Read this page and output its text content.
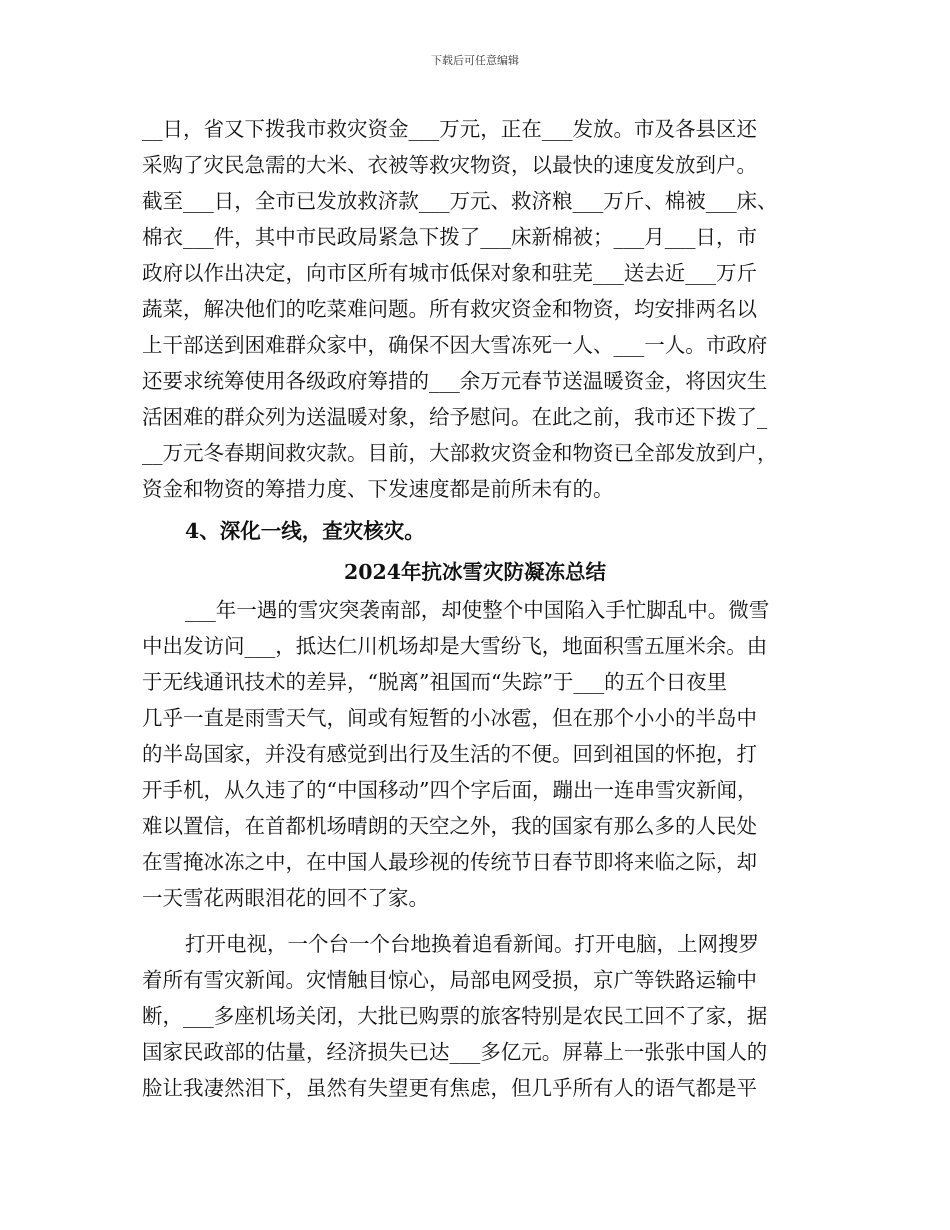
下载后可任意编辑
__日，省又下拨我市救灾资金___万元，正在___发放。市及各县区还
采购了灾民急需的大米、衣被等救灾物资，以最快的速度发放到户。
截至___日，全市已发放救济款___万元、救济粮___万斤、棉被___床、
棉衣___件，其中市民政局紧急下拨了___床新棉被；___月___日，市
政府以作出决定，向市区所有城市低保对象和驻芜___送去近___万斤
蔬菜，解决他们的吃菜难问题。所有救灾资金和物资，均安排两名以
上干部送到困难群众家中，确保不因大雪冻死一人、___一人。市政府
还要求统筹使用各级政府筹措的___余万元春节送温暖资金，将因灾生
活困难的群众列为送温暖对象，给予慰问。在此之前，我市还下拨了_
__万元冬春期间救灾款。目前，大部救灾资金和物资已全部发放到户，
资金和物资的筹措力度、下发速度都是前所未有的。
4、深化一线，查灾核灾。
2024年抗冰雪灾防凝冻总结
___年一遇的雪灾突袭南部，却使整个中国陷入手忙脚乱中。微雪
中出发访问___，抵达仁川机场却是大雪纷飞，地面积雪五厘米余。由
于无线通讯技术的差异，“脱离”祖国而“失踪”于___的五个日夜里
几乎一直是雨雪天气，间或有短暂的小冰雹，但在那个小小的半岛中
的半岛国家，并没有感觉到出行及生活的不便。回到祖国的怀抱，打
开手机，从久违了的“中国移动”四个字后面，蹦出一连串雪灾新闻，
难以置信，在首都机场晴朗的天空之外，我的国家有那么多的人民处
在雪掩冰冻之中，在中国人最珍视的传统节日春节即将来临之际，却
一天雪花两眼泪花的回不了家。
打开电视，一个台一个台地换着追看新闻。打开电脑，上网搜罗
着所有雪灾新闻。灾情触目惊心，局部电网受损，京广等铁路运输中
断，___多座机场关闭，大批已购票的旅客特别是农民工回不了家，据
国家民政部的估量，经济损失已达___多亿元。屏幕上一张张中国人的
脸让我凄然泪下，虽然有失望更有焦虑，但几乎所有人的语气都是平
